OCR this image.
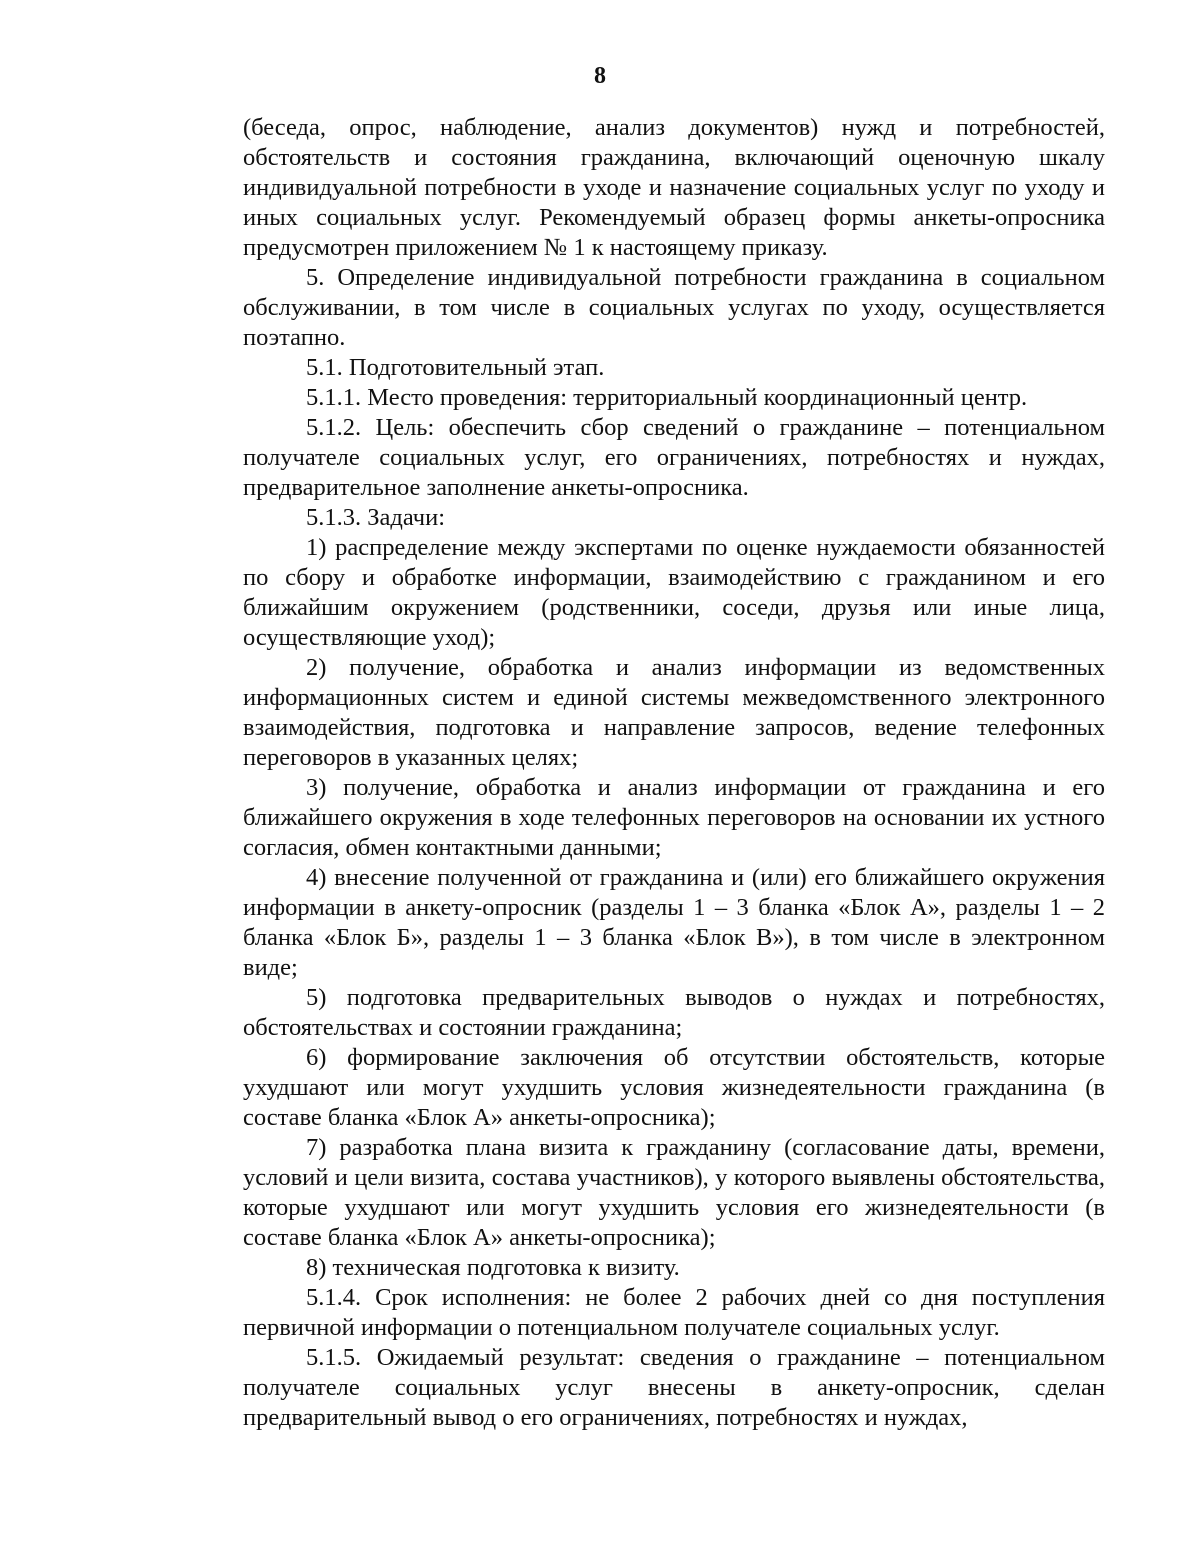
8

(беседа, опрос, наблюдение, анализ документов) нужд и потребностей, обстоятельств и состояния гражданина, включающий оценочную шкалу индивидуальной потребности в уходе и назначение социальных услуг по уходу и иных социальных услуг. Рекомендуемый образец формы анкеты-опросника предусмотрен приложением № 1 к настоящему приказу.

5. Определение индивидуальной потребности гражданина в социальном обслуживании, в том числе в социальных услугах по уходу, осуществляется поэтапно.

5.1. Подготовительный этап.

5.1.1. Место проведения: территориальный координационный центр.

5.1.2. Цель: обеспечить сбор сведений о гражданине – потенциальном получателе социальных услуг, его ограничениях, потребностях и нуждах, предварительное заполнение анкеты-опросника.

5.1.3. Задачи:

1) распределение между экспертами по оценке нуждаемости обязанностей по сбору и обработке информации, взаимодействию с гражданином и его ближайшим окружением (родственники, соседи, друзья или иные лица, осуществляющие уход);

2) получение, обработка и анализ информации из ведомственных информационных систем и единой системы межведомственного электронного взаимодействия, подготовка и направление запросов, ведение телефонных переговоров в указанных целях;

3) получение, обработка и анализ информации от гражданина и его ближайшего окружения в ходе телефонных переговоров на основании их устного согласия, обмен контактными данными;

4) внесение полученной от гражданина и (или) его ближайшего окружения информации в анкету-опросник (разделы 1 – 3 бланка «Блок А», разделы 1 – 2 бланка «Блок Б», разделы 1 – 3 бланка «Блок В»), в том числе в электронном виде;

5) подготовка предварительных выводов о нуждах и потребностях, обстоятельствах и состоянии гражданина;

6) формирование заключения об отсутствии обстоятельств, которые ухудшают или могут ухудшить условия жизнедеятельности гражданина (в составе бланка «Блок А» анкеты-опросника);

7) разработка плана визита к гражданину (согласование даты, времени, условий и цели визита, состава участников), у которого выявлены обстоятельства, которые ухудшают или могут ухудшить условия его жизнедеятельности (в составе бланка «Блок А» анкеты-опросника);

8) техническая подготовка к визиту.

5.1.4. Срок исполнения: не более 2 рабочих дней со дня поступления первичной информации о потенциальном получателе социальных услуг.

5.1.5. Ожидаемый результат: сведения о гражданине – потенциальном получателе социальных услуг внесены в анкету-опросник, сделан предварительный вывод о его ограничениях, потребностях и нуждах,
